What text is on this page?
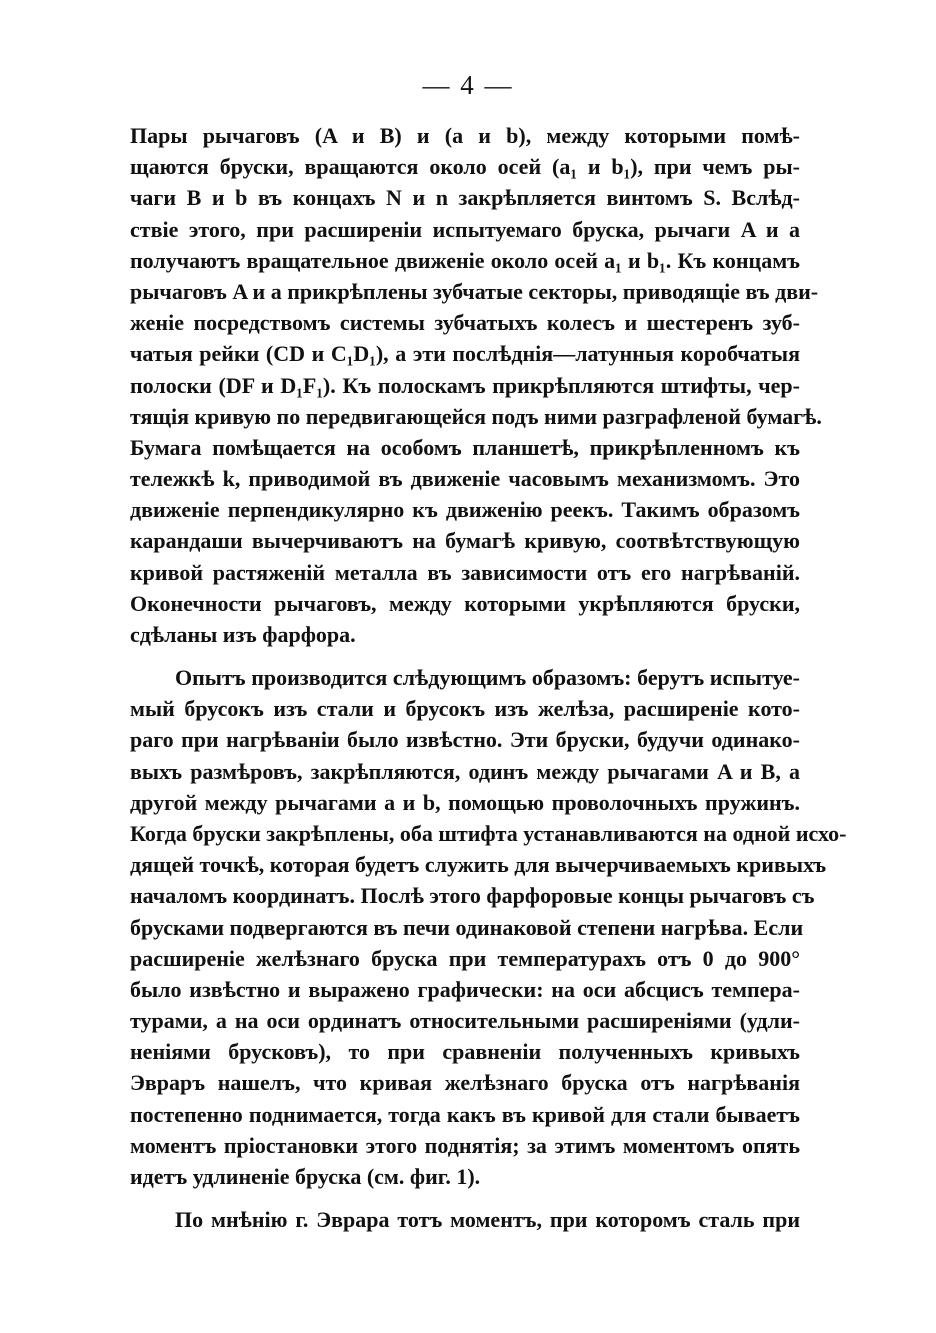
— 4 —
Пары рычаговъ (A и B) и (a и b), между которыми помѣ-
щаются бруски, вращаются около осей (a₁ и b₁), при чемъ ры-
чаги B и b въ концахъ N и n закрѣпляется винтомъ S. Вслѣд-
ствіе этого, при расширеніи испытуемаго бруска, рычаги A и a
получаютъ вращательное движеніе около осей a₁ и b₁. Къ концамъ
рычаговъ A и a прикрѣплены зубчатые секторы, приводящіе въ дви-
женіе посредствомъ системы зубчатыхъ колесъ и шестеренъ зуб-
чатыя рейки (CD и C₁D₁), а эти послѣднія—латунныя коробчатыя
полоски (DF и D₁F₁). Къ полоскамъ прикрѣпляются штифты, чер-
тящія кривую по передвигающейся подъ ними разграфленой бумагѣ.
Бумага помѣщается на особомъ планшетѣ, прикрѣпленномъ къ
тележкѣ k, приводимой въ движеніе часовымъ механизмомъ. Это
движеніе перпендикулярно къ движенію реекъ. Такимъ образомъ
карандаши вычерчиваютъ на бумагѣ кривую, соотвѣтствующую
кривой растяженій металла въ зависимости отъ его нагрѣваній.
Оконечности рычаговъ, между которыми укрѣпляются бруски,
сдѣланы изъ фарфора.
Опытъ производится слѣдующимъ образомъ: берутъ испытуе-
мый брусокъ изъ стали и брусокъ изъ желѣза, расширеніе кото-
раго при нагрѣваніи было извѣстно. Эти бруски, будучи одинако-
выхъ размѣровъ, закрѣпляются, одинъ между рычагами A и B, а
другой между рычагами a и b, помощью проволочныхъ пружинъ.
Когда бруски закрѣплены, оба штифта устанавливаются на одной исхо-
дящей точкѣ, которая будетъ служить для вычерчиваемыхъ кривыхъ
началомъ координатъ. Послѣ этого фарфоровые концы рычаговъ съ
брусками подвергаются въ печи одинаковой степени нагрѣва. Если
расширеніе желѣзнаго бруска при температурахъ отъ 0 до 900°
было извѣстно и выражено графически: на оси абсцисъ темпера-
турами, а на оси ординатъ относительными расширеніями (удли-
неніями брусковъ), то при сравненіи полученныхъ кривыхъ
Эвраръ нашелъ, что кривая желѣзнаго бруска отъ нагрѣванія
постепенно поднимается, тогда какъ въ кривой для стали бываетъ
моментъ пріостановки этого поднятія; за этимъ моментомъ опять
идетъ удлиненіе бруска (см. фиг. 1).
По мнѣнію г. Эврара тотъ моментъ, при которомъ сталь при
